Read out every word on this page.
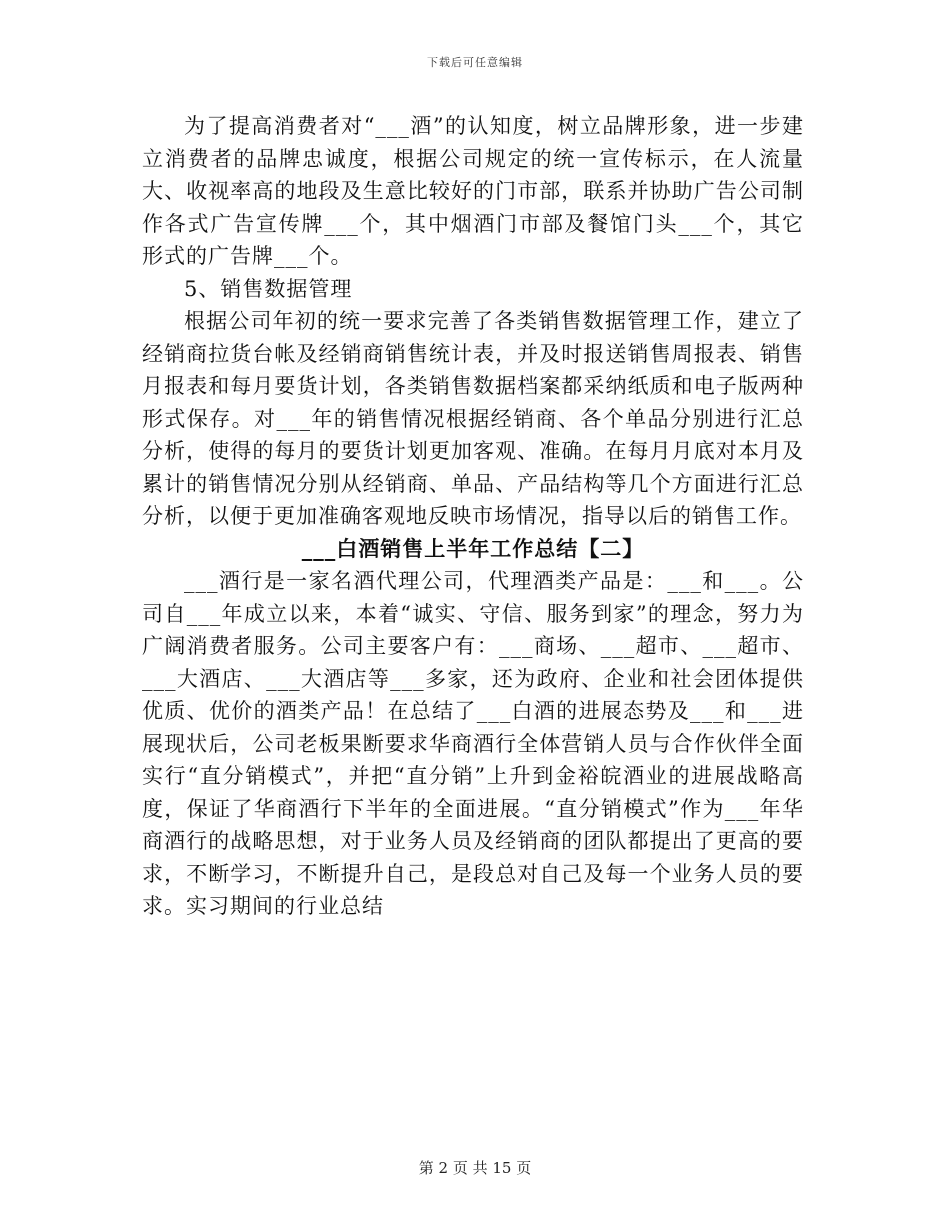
下载后可任意编辑

为了提高消费者对“___酒”的认知度，树立品牌形象，进一步建立消费者的品牌忠诚度，根据公司规定的统一宣传标示，在人流量大、收视率高的地段及生意比较好的门市部，联系并协助广告公司制作各式广告宣传牌___个，其中烟酒门市部及餐馆门头___个，其它形式的广告牌___个。

5、销售数据管理

根据公司年初的统一要求完善了各类销售数据管理工作，建立了经销商拉货台帐及经销商销售统计表，并及时报送销售周报表、销售月报表和每月要货计划，各类销售数据档案都采纳纸质和电子版两种形式保存。对___年的销售情况根据经销商、各个单品分别进行汇总分析，使得的每月的要货计划更加客观、准确。在每月月底对本月及累计的销售情况分别从经销商、单品、产品结构等几个方面进行汇总分析，以便于更加准确客观地反映市场情况，指导以后的销售工作。

___白酒销售上半年工作总结【二】

___酒行是一家名酒代理公司，代理酒类产品是：___和___。公司自___年成立以来，本着“诚实、守信、服务到家”的理念，努力为广阔消费者服务。公司主要客户有：___商场、___超市、___超市、___大酒店、___大酒店等___多家，还为政府、企业和社会团体提供优质、优价的酒类产品！在总结了___白酒的进展态势及___和___进展现状后，公司老板果断要求华商酒行全体营销人员与合作伙伴全面实行“直分销模式”，并把“直分销”上升到金裕皖酒业的进展战略高度，保证了华商酒行下半年的全面进展。“直分销模式”作为___年华商酒行的战略思想，对于业务人员及经销商的团队都提出了更高的要求，不断学习，不断提升自己，是段总对自己及每一个业务人员的要求。实习期间的行业总结

第 2 页 共 15 页
